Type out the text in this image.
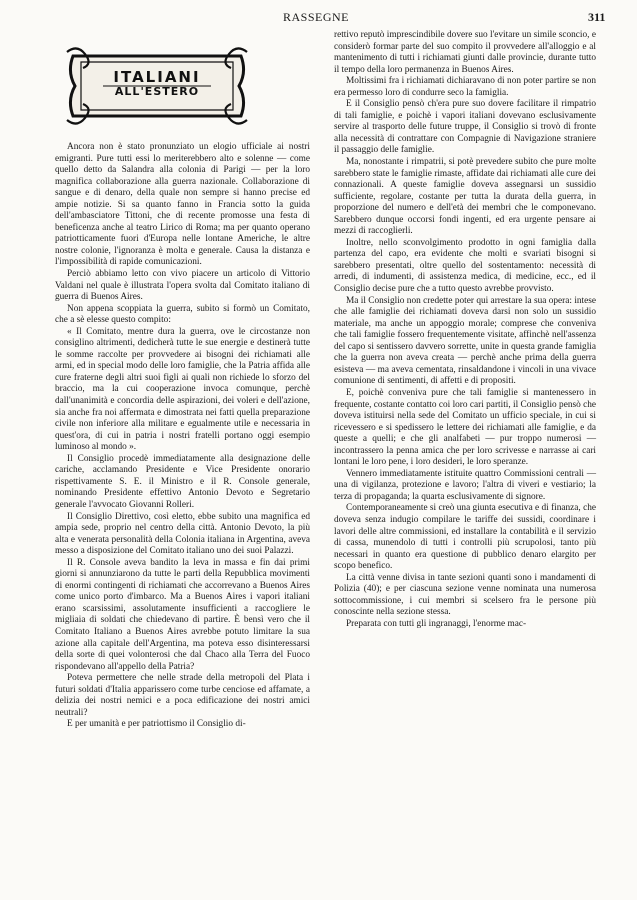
RASSEGNE	311
ITALIANI
ALL'ESTERO

Ancora non è stato pronunziato un elogio ufficiale ai nostri emigranti. Pure tutti essi lo meriterebbero alto e solenne — come quello detto da Salandra alla colonia di Parigi — per la loro magnifica collaborazione alla guerra nazionale. Collaborazione di sangue e di denaro, della quale non sempre si hanno precise ed ampie notizie. Si sa quanto fanno in Francia sotto la guida dell'ambasciatore Tittoni, che di recente promosse una festa di beneficenza anche al teatro Lirico di Roma; ma per quanto operano patriotticamente fuori d'Europa nelle lontane Americhe, le altre nostre colonie, l'ignoranza è molta e generale. Causa la distanza e l'impossibilità di rapide comunicazioni.

Perciò abbiamo letto con vivo piacere un articolo di Vittorio Valdani nel quale è illustrata l'opera svolta dal Comitato italiano di guerra di Buenos Aires.

Non appena scoppiata la guerra, subito si formò un Comitato, che a sè elesse questo compito:

« Il Comitato, mentre dura la guerra, ove le circostanze non consiglino altrimenti, dedicherà tutte le sue energie e destinerà tutte le somme raccolte per provvedere ai bisogni dei richiamati alle armi, ed in special modo delle loro famiglie, che la Patria affida alle cure fraterne degli altri suoi figli ai quali non richiede lo sforzo del braccio, ma la cui cooperazione invoca comunque, perchè dall'unanimità e concordia delle aspirazioni, dei voleri e dell'azione, sia anche fra noi affermata e dimostrata nei fatti quella preparazione civile non inferiore alla militare e egualmente utile e necessaria in quest'ora, di cui in patria i nostri fratelli portano oggi esempio luminoso al mondo ».

Il Consiglio procedè immediatamente alla designazione delle cariche, acclamando Presidente e Vice Presidente onorario rispettivamente S. E. il Ministro e il R. Console generale, nominando Presidente effettivo Antonio Devoto e Segretario generale l'avvocato Giovanni Rolleri.

Il Consiglio Direttivo, così eletto, ebbe subito una magnifica ed ampia sede, proprio nel centro della città. Antonio Devoto, la più alta e venerata personalità della Colonia italiana in Argentina, aveva messo a disposizione del Comitato italiano uno dei suoi Palazzi.

Il R. Console aveva bandito la leva in massa e fin dai primi giorni si annunziarono da tutte le parti della Repubblica movimenti di enormi contingenti di richiamati che accorrevano a Buenos Aires come unico porto d'imbarco. Ma a Buenos Aires i vapori italiani erano scarsissimi, assolutamente insufficienti a raccogliere le migliaia di soldati che chiedevano di partire. È bensì vero che il Comitato Italiano a Buenos Aires avrebbe potuto limitare la sua azione alla capitale dell'Argentina, ma poteva esso disinteressarsi della sorte di quei volonterosi che dal Chaco alla Terra del Fuoco rispondevano all'appello della Patria?

Poteva permettere che nelle strade della metropoli del Plata i futuri soldati d'Italia apparissero come turbe cenciose ed affamate, a delizia dei nostri nemici e a poca edificazione dei nostri amici neutrali?

E per umanità e per patriottismo il Consiglio di-

rettivo reputò imprescindibile dovere suo l'evitare un simile sconcio, e considerò formar parte del suo compito il provvedere all'alloggio e al mantenimento di tutti i richiamati giunti dalle provincie, durante tutto il tempo della loro permanenza in Buenos Aires.

Moltissimi fra i richiamati dichiaravano di non poter partire se non era permesso loro di condurre seco la famiglia.

E il Consiglio pensò ch'era pure suo dovere facilitare il rimpatrio di tali famiglie, e poichè i vapori italiani dovevano esclusivamente servire al trasporto delle future truppe, il Consiglio si trovò di fronte alla necessità di contrattare con Compagnie di Navigazione straniere il passaggio delle famiglie.

Ma, nonostante i rimpatrii, si potè prevedere subito che pure molte sarebbero state le famiglie rimaste, affidate dai richiamati alle cure dei connazionali. A queste famiglie doveva assegnarsi un sussidio sufficiente, regolare, costante per tutta la durata della guerra, in proporzione del numero e dell'età dei membri che le componevano. Sarebbero dunque occorsi fondi ingenti, ed era urgente pensare ai mezzi di raccoglierli.

Inoltre, nello sconvolgimento prodotto in ogni famiglia dalla partenza del capo, era evidente che molti e svariati bisogni si sarebbero presentati, oltre quello del sostentamento: necessità di arredi, di indumenti, di assistenza medica, di medicine, ecc., ed il Consiglio decise pure che a tutto questo avrebbe provvisto.

Ma il Consiglio non credette poter qui arrestare la sua opera: intese che alle famiglie dei richiamati doveva darsi non solo un sussidio materiale, ma anche un appoggio morale; comprese che conveniva che tali famiglie fossero frequentemente visitate, affinchè nell'assenza del capo si sentissero davvero sorrette, unite in questa grande famiglia che la guerra non aveva creata — perchè anche prima della guerra esisteva — ma aveva cementata, rinsaldandone i vincoli in una vivace comunione di sentimenti, di affetti e di propositi.

E, poichè conveniva pure che tali famiglie si mantenessero in frequente, costante contatto coi loro cari partiti, il Consiglio pensò che doveva istituirsi nella sede del Comitato un ufficio speciale, in cui si ricevessero e si spedissero le lettere dei richiamati alle famiglie, e da queste a quelli; e che gli analfabeti — pur troppo numerosi — incontrassero la penna amica che per loro scrivesse e narrasse ai cari lontani le loro pene, i loro desideri, le loro speranze.

Vennero immediatamente istituite quattro Commissioni centrali — una di vigilanza, protezione e lavoro; l'altra di viveri e vestiario; la terza di propaganda; la quarta esclusivamente di signore.

Contemporaneamente si creò una giunta esecutiva e di finanza, che doveva senza indugio compilare le tariffe dei sussidi, coordinare i lavori delle altre commissioni, ed installare la contabilità e il servizio di cassa, munendolo di tutti i controlli più scrupolosi, tanto più necessari in quanto era questione di pubblico denaro elargito per scopo benefico.

La città venne divisa in tante sezioni quanti sono i mandamenti di Polizia (40); e per ciascuna sezione venne nominata una numerosa sottocommissione, i cui membri si scelsero fra le persone più conoscinte nella sezione stessa.

Preparata con tutti gli ingranaggi, l'enorme mac-
